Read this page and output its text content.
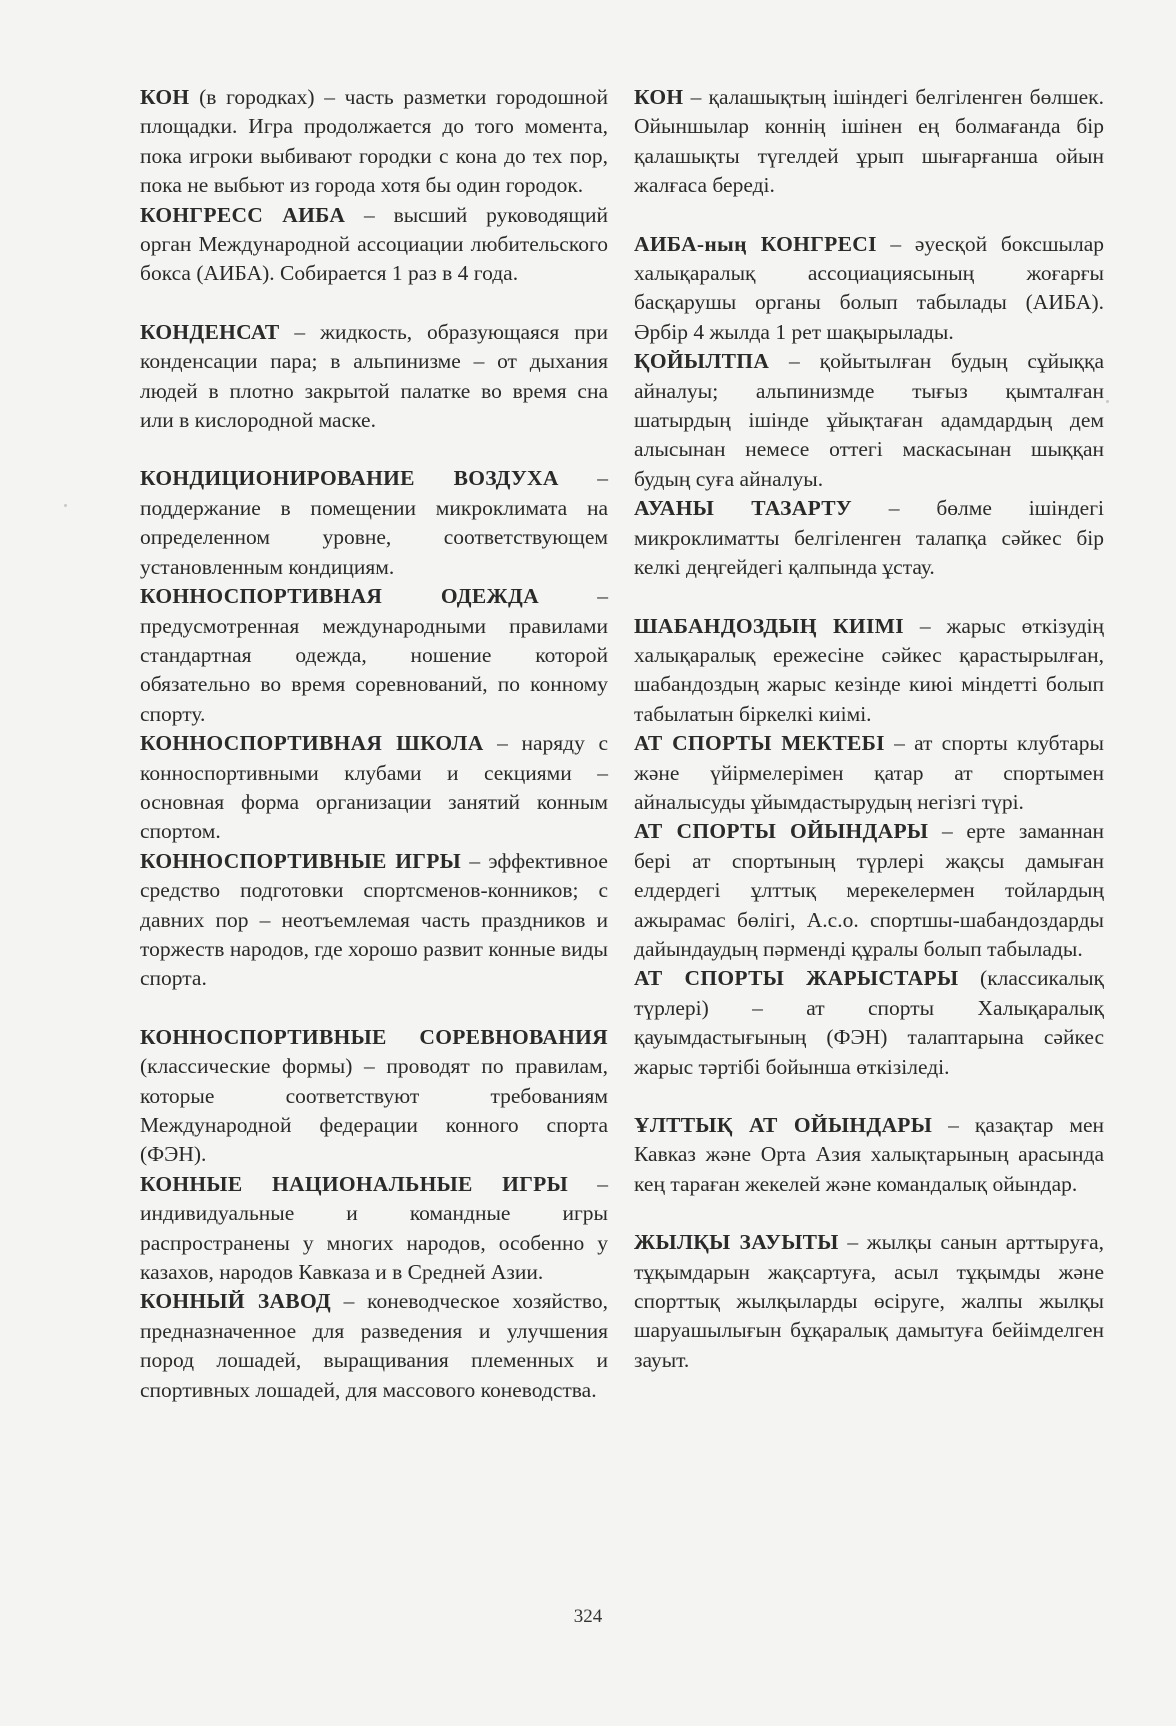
КОН (в городках) – часть разметки городошной площадки. Игра продолжается до того момента, пока игроки выбивают городки с кона до тех пор, пока не выбьют из города хотя бы один городок.

КОНГРЕСС АИБА – высший руководящий орган Международной ассоциации любительского бокса (АИБА). Собирается 1 раз в 4 года.

КОНДЕНСАТ – жидкость, образующаяся при конденсации пара; в альпинизме – от дыхания людей в плотно закрытой палатке во время сна или в кислородной маске.

КОНДИЦИОНИРОВАНИЕ ВОЗДУХА – поддержание в помещении микроклимата на определенном уровне, соответствующем установленным кондициям.

КОННОСПОРТИВНАЯ ОДЕЖДА – предусмотренная международными правилами стандартная одежда, ношение которой обязательно во время соревнований, по конному спорту.

КОННОСПОРТИВНАЯ ШКОЛА – наряду с конноспортивными клубами и секциями – основная форма организации занятий конным спортом.

КОННОСПОРТИВНЫЕ ИГРЫ – эффективное средство подготовки спортсменов-конников; с давних пор – неотъемлемая часть праздников и торжеств народов, где хорошо развит конные виды спорта.

КОННОСПОРТИВНЫЕ СОРЕВНОВАНИЯ (классические формы) – проводят по правилам, которые соответствуют требованиям Международной федерации конного спорта (ФЭН).

КОННЫЕ НАЦИОНАЛЬНЫЕ ИГРЫ – индивидуальные и командные игры распространены у многих народов, особенно у казахов, народов Кавказа и в Средней Азии.

КОННЫЙ ЗАВОД – коневодческое хозяйство, предназначенное для разведения и улучшения пород лошадей, выращивания племенных и спортивных лошадей, для массового коневодства.

КОН – қалашықтың ішіндегі белгіленген бөлшек. Ойыншылар коннің ішінен ең болмағанда бір қалашықты түгелдей ұрып шығарғанша ойын жалғаса береді.

АИБА-ның КОНГРЕСІ – әуесқой боксшылар халықаралық ассоциациясының жоғарғы басқарушы органы болып табылады (АИБА). Әрбір 4 жылда 1 рет шақырылады.

ҚОЙЫЛТПА – қойытылған будың сұйыққа айналуы; альпинизмде тығыз қымталған шатырдың ішінде ұйықтаған адамдардың дем алысынан немесе оттегі маскасынан шыққан будың суға айналуы.

АУАНЫ ТАЗАРТУ – бөлме ішіндегі микроклиматты белгіленген талапқа сәйкес бір келкі деңгейдегі қалпында ұстау.

ШАБАНДОЗДЫҢ КИІМІ – жарыс өткізудің халықаралық ережесіне сәйкес қарастырылған, шабандоздың жарыс кезінде киюі міндетті болып табылатын біркелкі киімі.

АТ СПОРТЫ МЕКТЕБІ – ат спорты клубтары және үйірмелерімен қатар ат спортымен айналысуды ұйымдастырудың негізгі түрі.

АТ СПОРТЫ ОЙЫНДАРЫ – ерте заманнан бері ат спортының түрлері жақсы дамыған елдердегі ұлттық мерекелермен тойлардың ажырамас бөлігі, А.с.о. спортшы-шабандоздарды дайындаудың пәрменді құралы болып табылады.

АТ СПОРТЫ ЖАРЫСТАРЫ (классикалық түрлері) – ат спорты Халықаралық қауымдастығының (ФЭН) талаптарына сәйкес жарыс тәртібі бойынша өткізіледі.

ҰЛТТЫҚ АТ ОЙЫНДАРЫ – қазақтар мен Кавказ және Орта Азия халықтарының арасында кең тараған жекелей және командалық ойындар.

ЖЫЛҚЫ ЗАУЫТЫ – жылқы санын арттыруға, тұқымдарын жақсартуға, асыл тұқымды және спорттық жылқыларды өсіруге, жалпы жылқы шаруашылығын бұқаралық дамытуға бейімделген зауыт.

324
